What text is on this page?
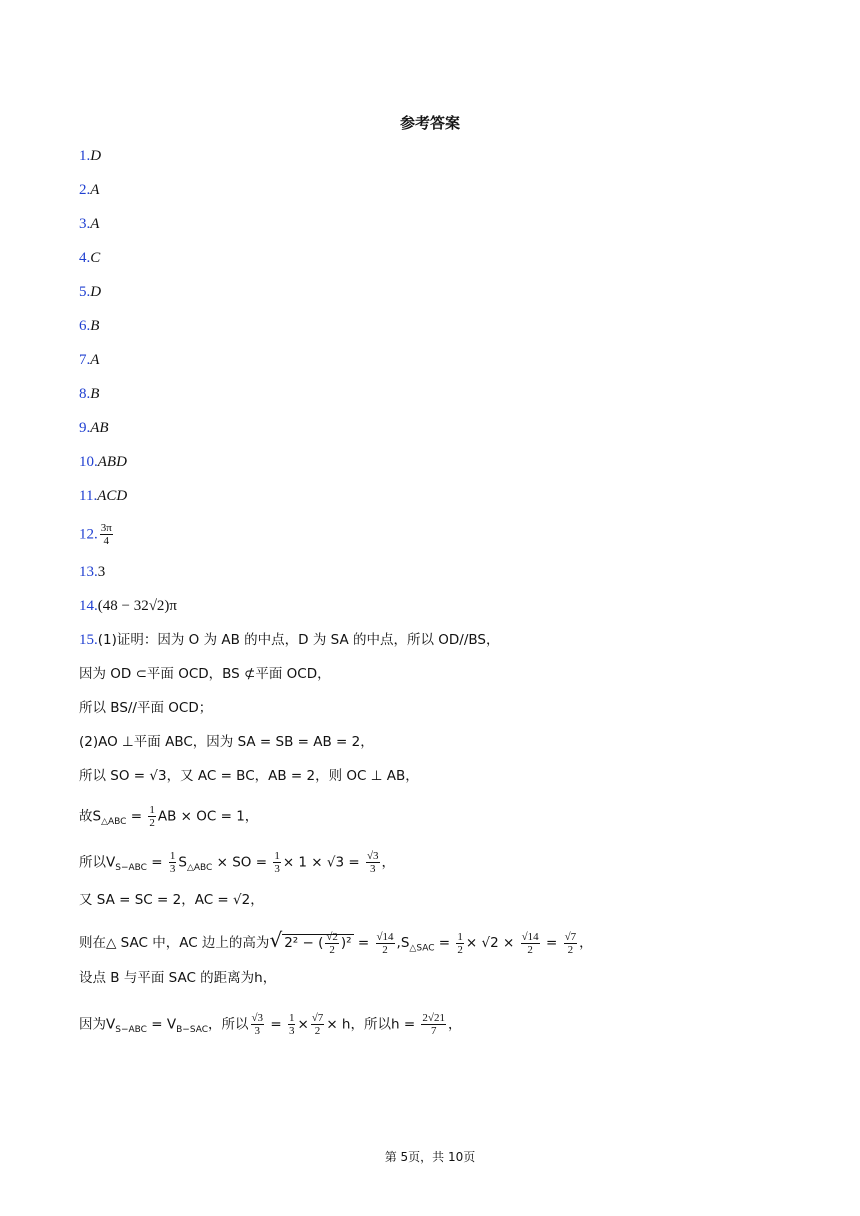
参考答案
1.D
2.A
3.A
4.C
5.D
6.B
7.A
8.B
9.AB
10.ABD
11.ACD
12. $\frac{3\pi}{4}$
13.3
14.(48 − 32√2)π
15.(1)证明：因为 O 为 AB 的中点，D 为 SA 的中点，所以 OD//BS，
因为 OD ⊂平面 OCD，BS ⊄平面 OCD，
所以 BS//平面 OCD；
(2)AO ⊥平面 ABC，因为 SA = SB = AB = 2，
所以 SO = √3，又 AC = BC，AB = 2，则 OC ⊥ AB，
故$S_{\triangle ABC} = \frac{1}{2}$ AB × OC = 1，
所以$V_{S-ABC} = \frac{1}{3} S_{\triangle ABC}$ × SO = $\frac{1}{3} \times 1 \times √3 = \frac{√3}{3}$ ，
又 SA = SC = 2，AC = √2，
则在△ SAC 中，AC 边上的高为√ 2² − ( $\frac{√2}{2} )^2 = \frac{√14}{2} ,S_{\triangle SAC} = \frac{1}{2} \times √2 \times \frac{√14}{2} = \frac{√7}{2}$ ，
设点 B 与平面 SAC 的距离为h，
因为$V_{S-ABC} = V_{B-SAC}$，所以 $\frac{√3}{3} = \frac{1}{3} \times \frac{√7}{2} \times h$，所以$h = \frac{2√21}{7}$ ，
第 5页，共 10页
